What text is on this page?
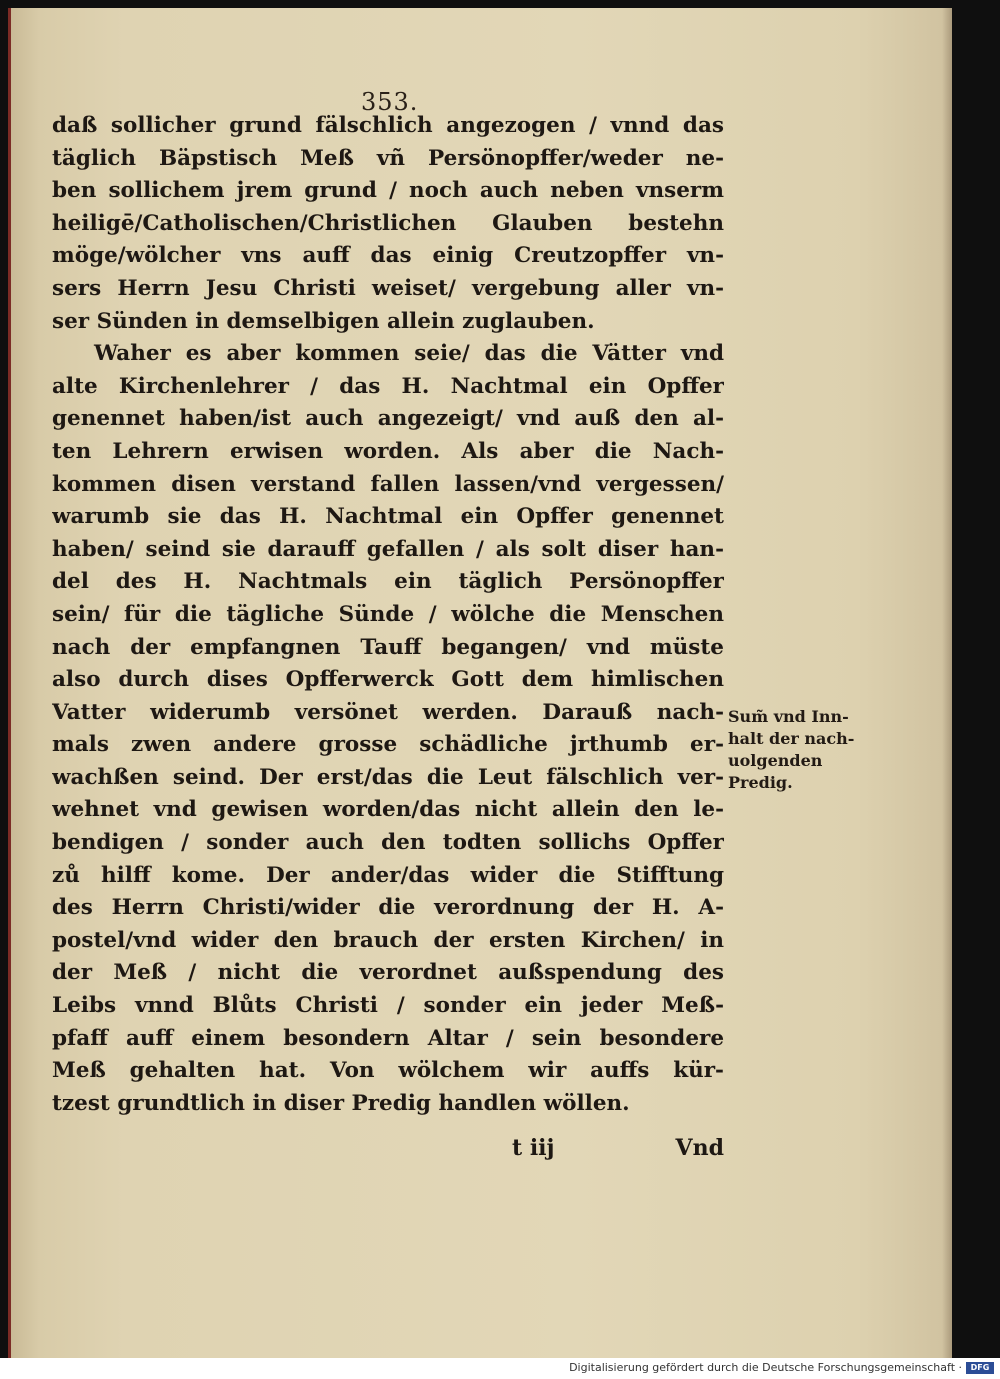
353.
daß sollicher grund fälschlich angezogen / vnnd das
täglich Bäpstisch Meß vñ Persönopffer/weder ne-
ben sollichem jrem grund / noch auch neben vnserm
heiligē/Catholischen/Christlichen Glauben bestehn
möge/wölcher vns auff das einig Creutzopffer vn-
sers Herrn Jesu Christi weiset/ vergebung aller vn-
ser Sünden in demselbigen allein zuglauben.
Waher es aber kommen seie/ das die Vätter vnd
alte Kirchenlehrer / das H. Nachtmal ein Opffer
genennet haben/ist auch angezeigt/ vnd auß den al-
ten Lehrern erwisen worden. Als aber die Nach-
kommen disen verstand fallen lassen/vnd vergessen/
warumb sie das H. Nachtmal ein Opffer genennet
haben/ seind sie darauff gefallen / als solt diser han-
del des H. Nachtmals ein täglich Persönopffer
sein/ für die tägliche Sünde / wölche die Menschen
nach der empfangnen Tauff begangen/ vnd müste
also durch dises Opfferwerck Gott dem himlischen
Vatter widerumb versönet werden. Darauß nach-
mals zwen andere grosse schädliche jrthumb er-
wachßen seind. Der erst/das die Leut fälschlich ver-
wehnet vnd gewisen worden/das nicht allein den le-
bendigen / sonder auch den todten sollichs Opffer
zů hilff kome. Der ander/das wider die Stifftung
des Herrn Christi/wider die verordnung der H. A-
postel/vnd wider den brauch der ersten Kirchen/ in
der Meß / nicht die verordnet außspendung des
Leibs vnnd Blůts Christi / sonder ein jeder Meß-
pfaff auff einem besondern Altar / sein besondere
Meß gehalten hat. Von wölchem wir auffs kür-
tzest grundtlich in diser Predig handlen wöllen.
t iij	Vnd
Sum̃ vnd Inn-
halt der nach-
uolgenden
Predig.
Digitalisierung gefördert durch die Deutsche Forschungsgemeinschaft ·	DFG
